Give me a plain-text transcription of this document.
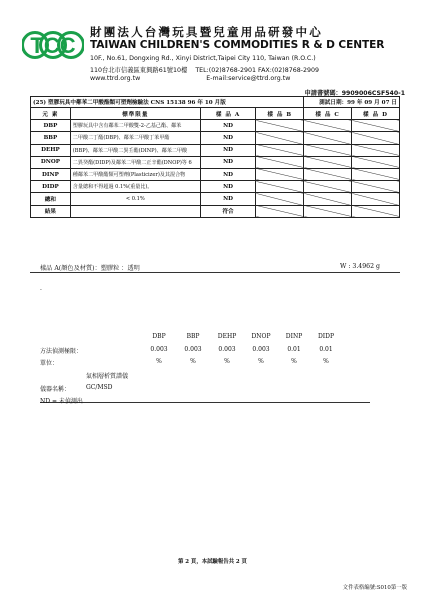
TCC
財團法人台灣玩具暨兒童用品研發中心
TAIWAN CHILDREN'S COMMODITIES R & D CENTER
10F., No.61, Dongxing Rd., Xinyi District,Taipei City 110, Taiwan (R.O.C.)
110台北市信義區東興路61號10樓 TEL:(02)8768-2901 FAX:(02)8768-2909
www.ttrd.org.tw	E-mail:service@ttrd.org.tw
申請書號碼：9909006CSF540-1
(25) 塑膠玩具中鄰苯二甲酸酯類可塑劑檢驗法 CNS 15138 96 年 10 月版				測試日期：99 年 09 月 07 日	
元 素	標準限量	樣 品 A	樣 品 B	樣 品 C	樣 品 D
DBP	塑膠玩具中含有鄰苯二甲酸雙-2-乙基己酯、鄰苯	ND			
BBP	二甲酸二丁酯(DBP)、鄰苯二甲酸丁苯甲酯	ND			
DEHP	(BBP)、鄰苯二甲酸二異壬酯(DINP)、鄰苯二甲酸	ND			
DNOP	二異癸酯(DIDP)及鄰苯二甲酸二正辛酯(DNOP)等 6	ND			
DINP	種鄰苯二甲酸酯類可塑劑(Plasticizer)及其混合物	ND			
DIDP	含量總和不得超過 0.1%(重量比)。	ND			
總和	< 0.1%	ND			
結果		符合			
樣品 A(顏色及材質)：塑膠粒 ：透明	W : 3.4962 g
.
DBP	BBP	DEHP	DNOP	DINP	DIDP
方法偵測極限：	0.003	0.003	0.003	0.003	0.01	0.01
單位：	%	%	%	%	%	%
氣相層析質譜儀
儀器名稱：	GC/MSD
ND = 未偵測出
第 2 頁，本試驗報告共 2 頁
文件表格編號:S010第一版
